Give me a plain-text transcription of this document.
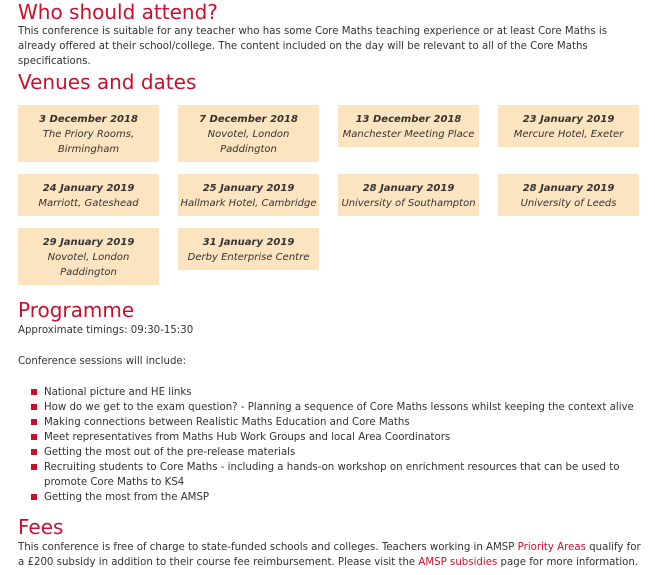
Who should attend?

This conference is suitable for any teacher who has some Core Maths teaching experience or at least Core Maths is already offered at their school/college. The content included on the day will be relevant to all of the Core Maths specifications.

Venues and dates
3 December 2018
The Priory Rooms, Birmingham
7 December 2018
Novotel, London Paddington
13 December 2018
Manchester Meeting Place
23 January 2019
Mercure Hotel, Exeter
24 January 2019
Marriott, Gateshead
25 January 2019
Hallmark Hotel, Cambridge
28 January 2019
University of Southampton
28 January 2019
University of Leeds
29 January 2019
Novotel, London Paddington
31 January 2019
Derby Enterprise Centre
Programme

Approximate timings: 09:30-15:30

Conference sessions will include:

National picture and HE links
How do we get to the exam question? - Planning a sequence of Core Maths lessons whilst keeping the context alive
Making connections between Realistic Maths Education and Core Maths
Meet representatives from Maths Hub Work Groups and local Area Coordinators
Getting the most out of the pre-release materials
Recruiting students to Core Maths - including a hands-on workshop on enrichment resources that can be used to promote Core Maths to KS4
Getting the most from the AMSP
Fees

This conference is free of charge to state-funded schools and colleges. Teachers working in AMSP Priority Areas qualify for a £200 subsidy in addition to their course fee reimbursement. Please visit the AMSP subsidies page for more information.
